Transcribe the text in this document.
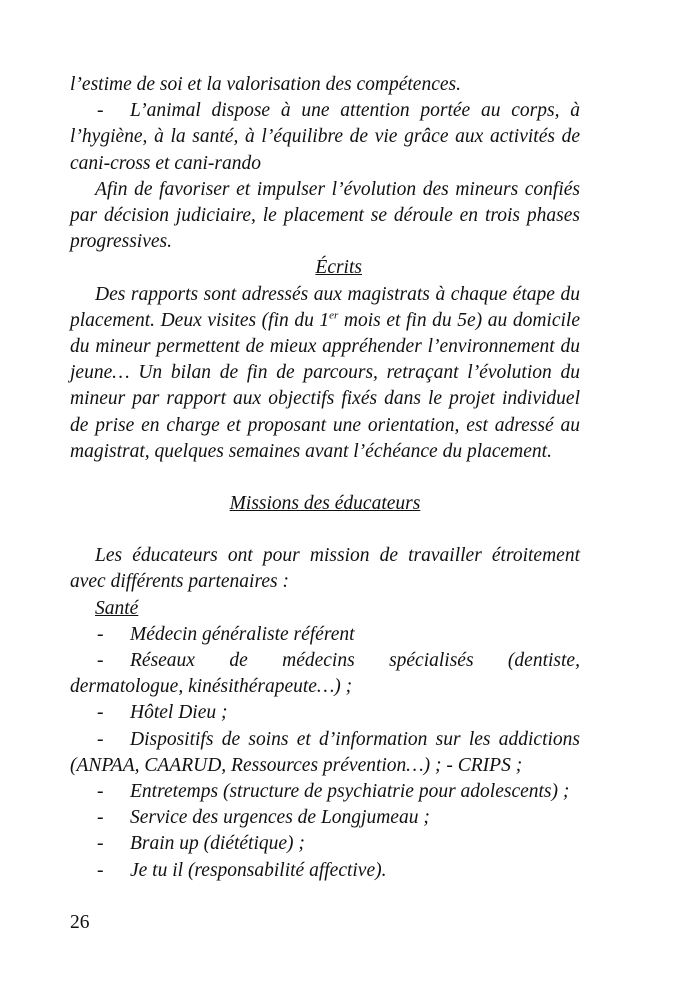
l’estime de soi et la valorisation des compétences.

- L’animal dispose à une attention portée au corps, à l’hygiène, à la santé, à l’équilibre de vie grâce aux activités de cani-cross et cani-rando

Afin de favoriser et impulser l’évolution des mineurs confiés par décision judiciaire, le placement se déroule en trois phases progressives.

Écrits

Des rapports sont adressés aux magistrats à chaque étape du placement. Deux visites (fin du 1er mois et fin du 5e) au domicile du mineur permettent de mieux appréhender l’environnement du jeune… Un bilan de fin de parcours, retraçant l’évolution du mineur par rapport aux objectifs fixés dans le projet individuel de prise en charge et proposant une orientation, est adressé au magistrat, quelques semaines avant l’échéance du placement.

Missions des éducateurs

Les éducateurs ont pour mission de travailler étroitement avec différents partenaires :

Santé

- Médecin généraliste référent

- Réseaux de médecins spécialisés (dentiste,

dermatologue, kinésithérapeute…) ;

- Hôtel Dieu ;

- Dispositifs de soins et d’information sur les addictions (ANPAA, CAARUD, Ressources prévention…) ; - CRIPS ;

- Entretemps (structure de psychiatrie pour adolescents) ;

- Service des urgences de Longjumeau ;

- Brain up (diététique) ;

- Je tu il (responsabilité affective).

26
